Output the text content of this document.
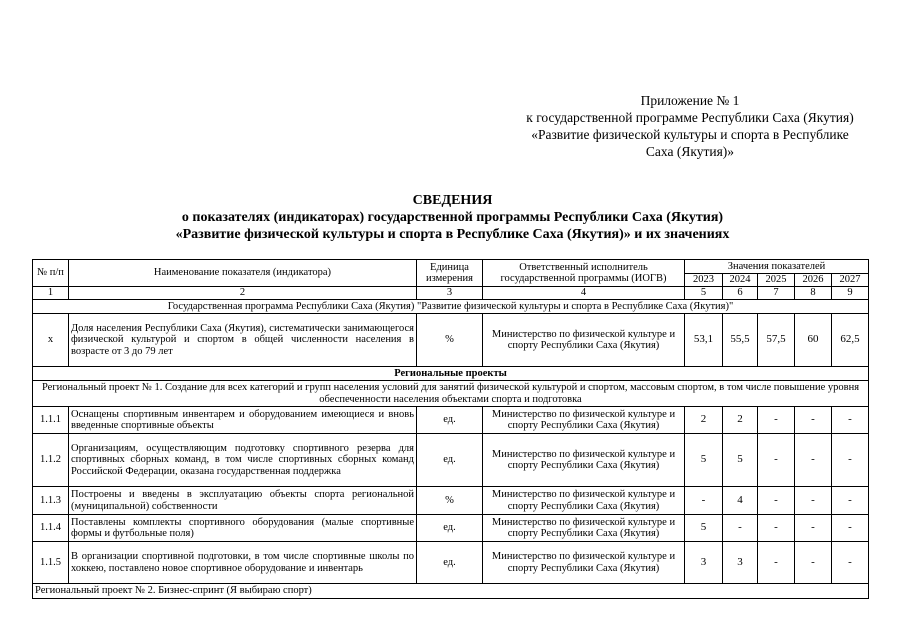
Приложение № 1
к государственной программе Республики Саха (Якутия)
«Развитие физической культуры и спорта в Республике
Саха (Якутия)»
СВЕДЕНИЯ
о показателях (индикаторах) государственной программы Республики Саха (Якутия)
«Развитие физической культуры и спорта в Республике Саха (Якутия)» и их значениях
№ п/п	Наименование показателя (индикатора)	Единица измерения	Ответственный исполнитель государственной программы (ИОГВ)	Значения показателей				
				2023	2024	2025	2026	2027
1	2	3	4	5	6	7	8	9
Государственная программа Республики Саха (Якутия) "Развитие физической культуры и спорта в Республике Саха (Якутия)"								
x	Доля населения Республики Саха (Якутия), систематически занимающегося физической культурой и спортом в общей численности населения в возрасте от 3 до 79 лет	%	Министерство по физической культуре и спорту Республики Саха (Якутия)	53,1	55,5	57,5	60	62,5
Региональные проекты								
Региональный проект № 1. Создание для всех категорий и групп населения условий для занятий физической культурой и спортом, массовым спортом, в том числе повышение уровня обеспеченности населения объектами спорта и подготовка								
1.1.1	Оснащены спортивным инвентарем и оборудованием имеющиеся и вновь введенные спортивные объекты	ед.	Министерство по физической культуре и спорту Республики Саха (Якутия)	2	2	-	-	-
1.1.2	Организациям, осуществляющим подготовку спортивного резерва для спортивных сборных команд, в том числе спортивных сборных команд Российской Федерации, оказана государственная поддержка	ед.	Министерство по физической культуре и спорту Республики Саха (Якутия)	5	5	-	-	-
1.1.3	Построены и введены в эксплуатацию объекты спорта региональной (муниципальной) собственности	%	Министерство по физической культуре и спорту Республики Саха (Якутия)	-	4	-	-	-
1.1.4	Поставлены комплекты спортивного оборудования (малые спортивные формы и футбольные поля)	ед.	Министерство по физической культуре и спорту Республики Саха (Якутия)	5	-	-	-	-
1.1.5	В организации спортивной подготовки, в том числе спортивные школы по хоккею, поставлено новое спортивное оборудование и инвентарь	ед.	Министерство по физической культуре и спорту Республики Саха (Якутия)	3	3	-	-	-
Региональный проект № 2. Бизнес-спринт (Я выбираю спорт)								
